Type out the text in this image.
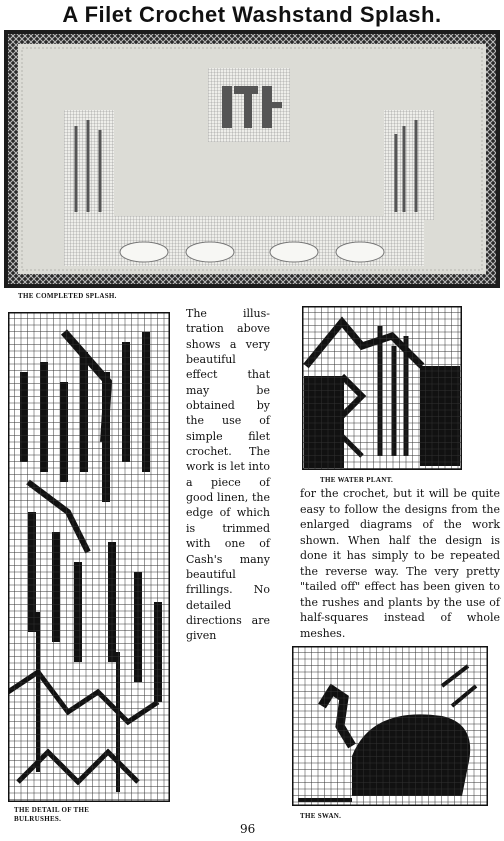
A Filet Crochet Washstand Splash.
THE COMPLETED SPLASH.
THE DETAIL OF THE
BULRUSHES.

The illustration above shows a very beautiful effect that may be obtained by the use of simple filet crochet. The work is let into a piece of good linen, the edge of which is trimmed with one of Cash's many beautiful frillings. No detailed directions are given

THE WATER PLANT.
for the crochet, but it will be quite easy to follow the designs from the enlarged diagrams of the work shown. When half the design is done it has simply to be repeated the reverse way. The very pretty "tailed off" effect has been given to the rushes and plants by the use of half-squares instead of whole meshes.
THE SWAN.
96
